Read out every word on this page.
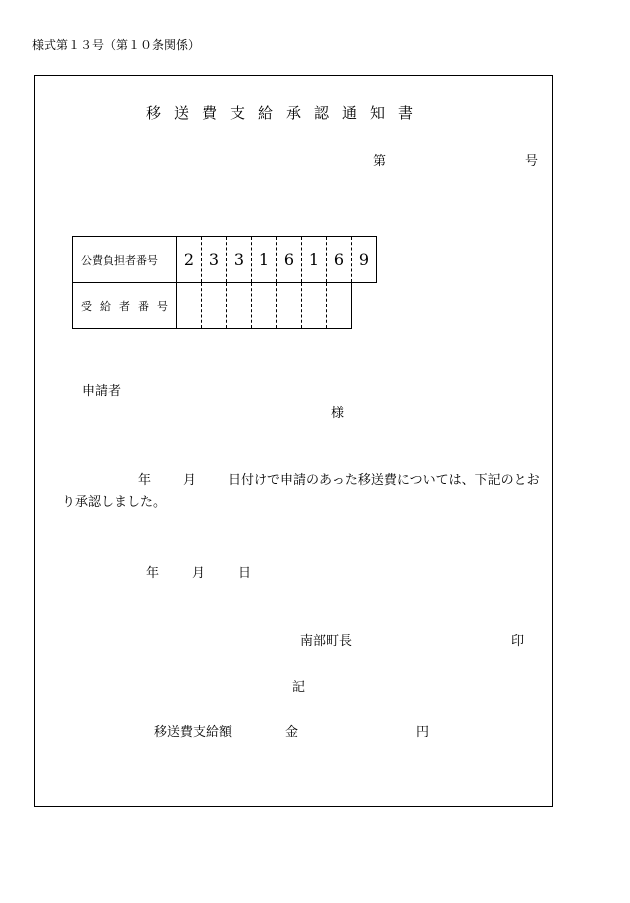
様式第１３号（第１０条関係）
移送費支給承認通知書
第	号
公費負担者番号	2	3	3	1	6	1	6	9
受給者番号								
申請者
様
年 月 日付けで申請のあった移送費については、下記のとおり承認しました。
年	月	日
南部町長	印
記
移送費支給額	金	円
